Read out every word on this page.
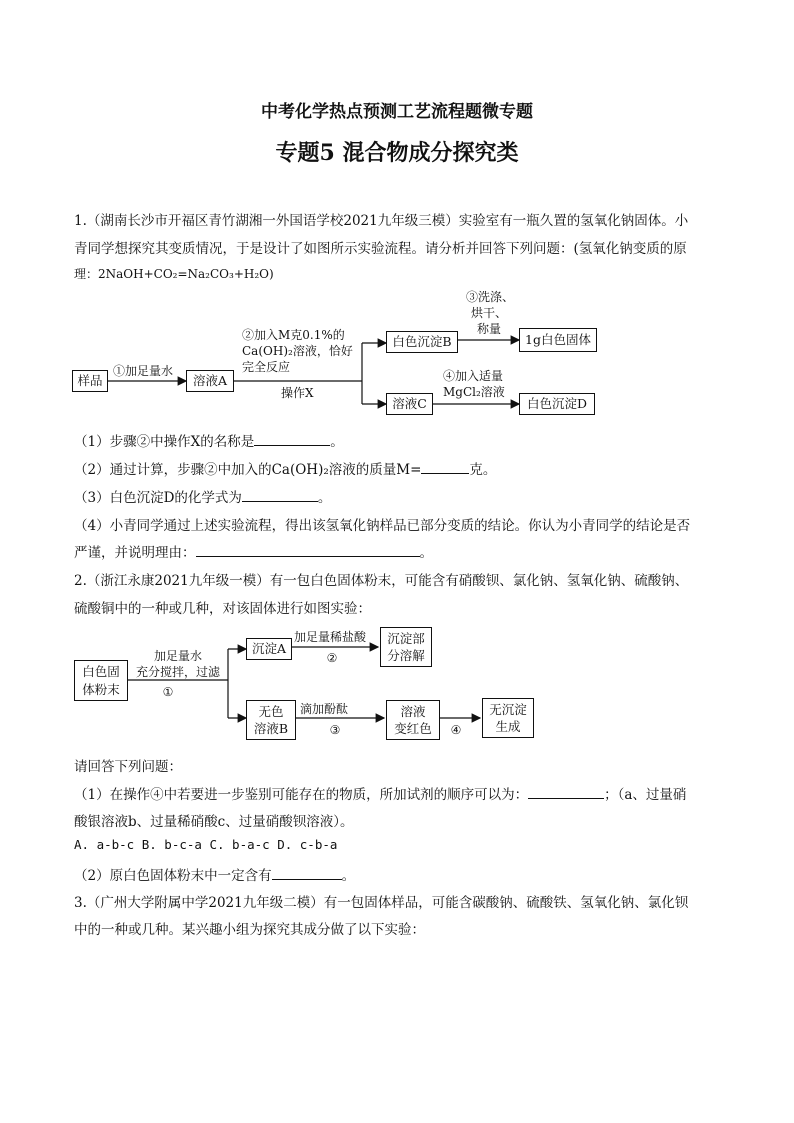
中考化学热点预测工艺流程题微专题
专题5 混合物成分探究类
1.（湖南长沙市开福区青竹湖湘一外国语学校2021九年级三模）实验室有一瓶久置的氢氧化钠固体。小
青同学想探究其变质情况，于是设计了如图所示实验流程。请分析并回答下列问题：(氢氧化钠变质的原
理：2NaOH+CO₂=Na₂CO₃+H₂O)
样品
①加足量水
溶液A
②加入M克0.1%的
Ca(OH)₂溶液，恰好
完全反应
操作X
白色沉淀B
③洗涤、
烘干、
称量
1g白色固体
溶液C
④加入适量
MgCl₂溶液
白色沉淀D
（1）步骤②中操作X的名称是	。
（2）通过计算，步骤②中加入的Ca(OH)₂溶液的质量M=	克。
（3）白色沉淀D的化学式为	。
（4）小青同学通过上述实验流程，得出该氢氧化钠样品已部分变质的结论。你认为小青同学的结论是否
严谨，并说明理由：	。
2.（浙江永康2021九年级一模）有一包白色固体粉末，可能含有硝酸钡、氯化钠、氢氧化钠、硫酸钠、
硫酸铜中的一种或几种，对该固体进行如图实验：
白色固
体粉末
加足量水
充分搅拌，过滤
①
沉淀A
加足量稀盐酸
②
沉淀部
分溶解
无色
溶液B
滴加酚酞
③
溶液
变红色	④
无沉淀
生成
请回答下列问题：
（1）在操作④中若要进一步鉴别可能存在的物质，所加试剂的顺序可以为：	；（a、过量硝
酸银溶液b、过量稀硝酸c、过量硝酸钡溶液）。
A. a-b-c B. b-c-a C. b-a-c D. c-b-a
（2）原白色固体粉末中一定含有	。
3.（广州大学附属中学2021九年级二模）有一包固体样品，可能含碳酸钠、硫酸铁、氢氧化钠、氯化钡
中的一种或几种。某兴趣小组为探究其成分做了以下实验：
